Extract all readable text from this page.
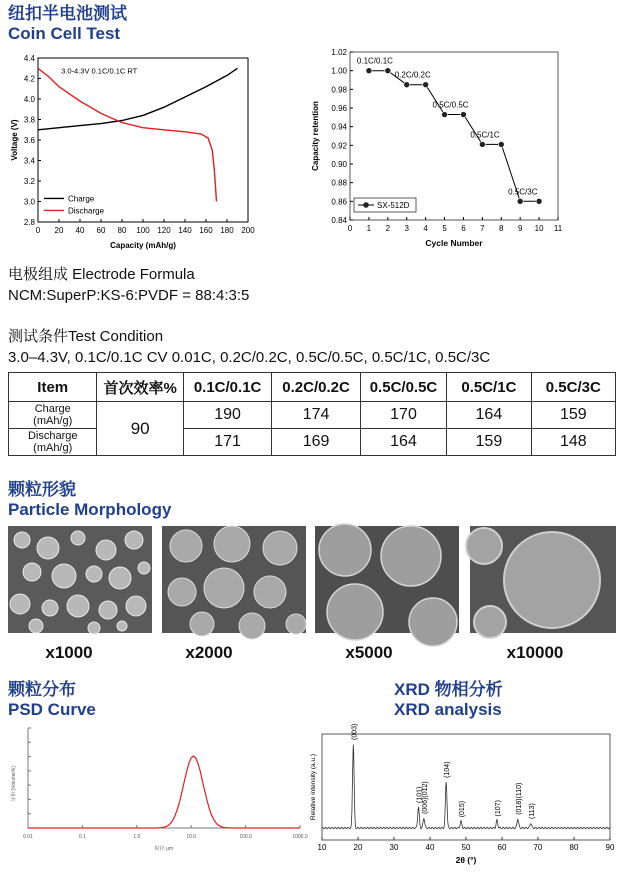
纽扣半电池测试
Coin Cell Test
0 20 40 60 80 100 120 140 160 180 200
2.8
3.0
3.2
3.4
3.6
3.8
4.0
4.2
4.4
Capacity (mAh/g)
Voltage (V)
3.0-4.3V 0.1C/0.1C RT
Charge
Discharge
0 1 2 3 4 5 6 7 8 9 10 11
0.84
0.86
0.88
0.90
0.92
0.94
0.96
0.98
1.00
1.02
Cycle Number
Capacity retention
0.1C/0.1C
0.2C/0.2C
0.5C/0.5C
0.5C/1C
0.5C/3C
SX-512D
电极组成 Electrode Formula
NCM:SuperP:KS-6:PVDF = 88:4:3:5
测试条件Test Condition
3.0–4.3V, 0.1C/0.1C CV 0.01C, 0.2C/0.2C, 0.5C/0.5C, 0.5C/1C, 0.5C/3C
Item	首次效率%	0.1C/0.1C	0.2C/0.2C	0.5C/0.5C	0.5C/1C	0.5C/3C
Charge
(mAh/g)	90	190	174	170	164	159
Discharge
(mAh/g)		171	169	164	159	148
颗粒形貌
Particle Morphology
x1000	x2000	x5000	x10000
颗粒分布
PSD Curve
XRD 物相分析
XRD analysis
0.01	0.1	1.0	10.0	100.0	1000.0
粒径 μm
分布 (Volume%)
10	20	30	40	50	60	70	80	90
2θ (°)
Relative intensity (a.u.)
(003)
(101)
(006)(012)
(104)
(015)	(107) (018)(110) (113)
